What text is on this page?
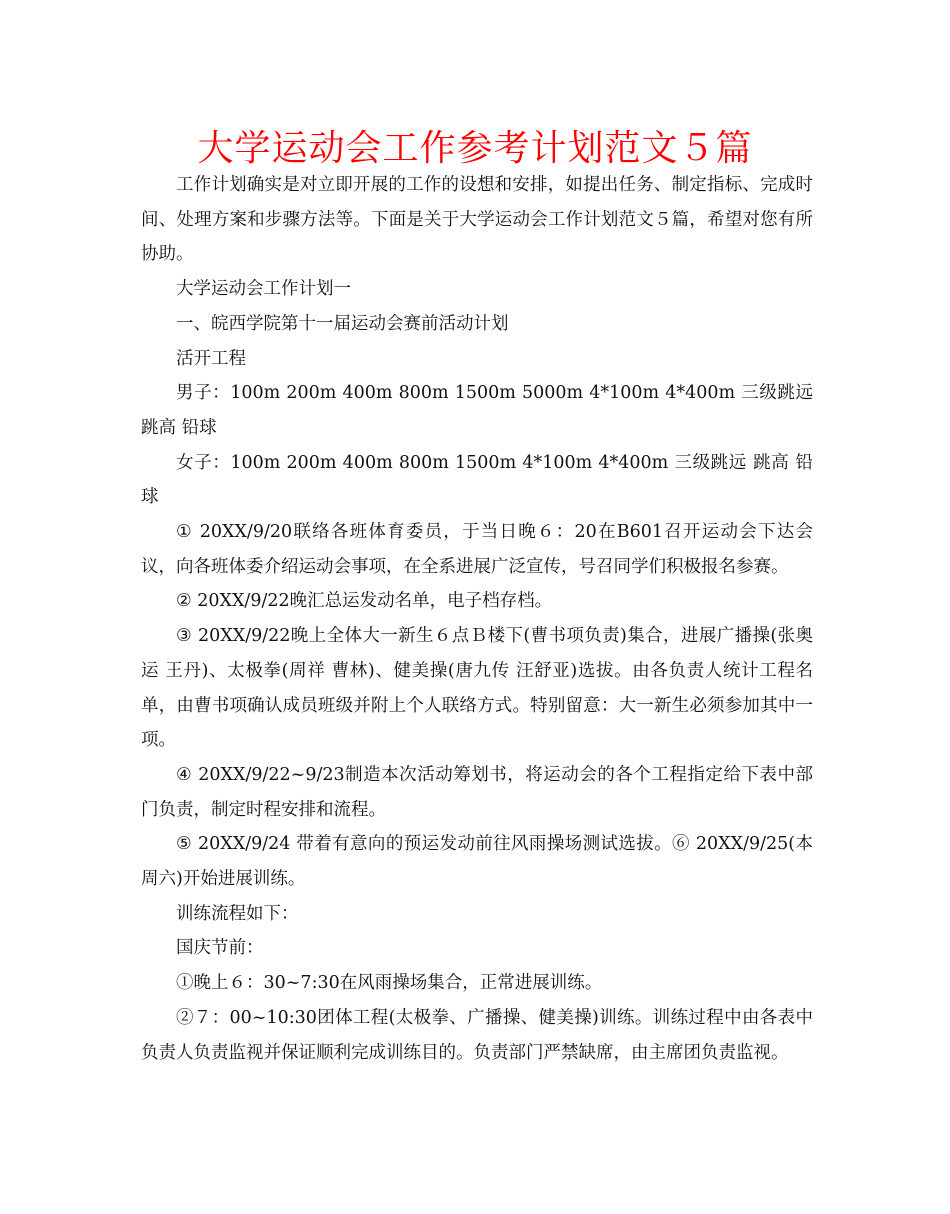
大学运动会工作参考计划范文５篇

工作计划确实是对立即开展的工作的设想和安排，如提出任务、制定指标、完成时间、处理方案和步骤方法等。下面是关于大学运动会工作计划范文５篇，希望对您有所协助。

大学运动会工作计划一

一、皖西学院第十一届运动会赛前活动计划

活开工程

男子：100m 200m 400m 800m 1500m 5000m 4*100m 4*400m 三级跳远 跳高 铅球

女子：100m 200m 400m 800m 1500m 4*100m 4*400m 三级跳远 跳高 铅球

① 20XX/9/20联络各班体育委员，于当日晚６：20在B601召开运动会下达会议，向各班体委介绍运动会事项，在全系进展广泛宣传，号召同学们积极报名参赛。

② 20XX/9/22晚汇总运发动名单，电子档存档。

③ 20XX/9/22晚上全体大一新生６点Ｂ楼下(曹书项负责)集合，进展广播操(张奥运 王丹)、太极拳(周祥 曹林)、健美操(唐九传 汪舒亚)选拔。由各负责人统计工程名单，由曹书项确认成员班级并附上个人联络方式。特别留意：大一新生必须参加其中一项。

④ 20XX/9/22~9/23制造本次活动筹划书，将运动会的各个工程指定给下表中部门负责，制定时程安排和流程。

⑤ 20XX/9/24 带着有意向的预运发动前往风雨操场测试选拔。⑥ 20XX/9/25(本周六)开始进展训练。

训练流程如下：

国庆节前：

①晚上６：30~7:30在风雨操场集合，正常进展训练。

②７：00~10:30团体工程(太极拳、广播操、健美操)训练。训练过程中由各表中负责人负责监视并保证顺利完成训练目的。负责部门严禁缺席，由主席团负责监视。
